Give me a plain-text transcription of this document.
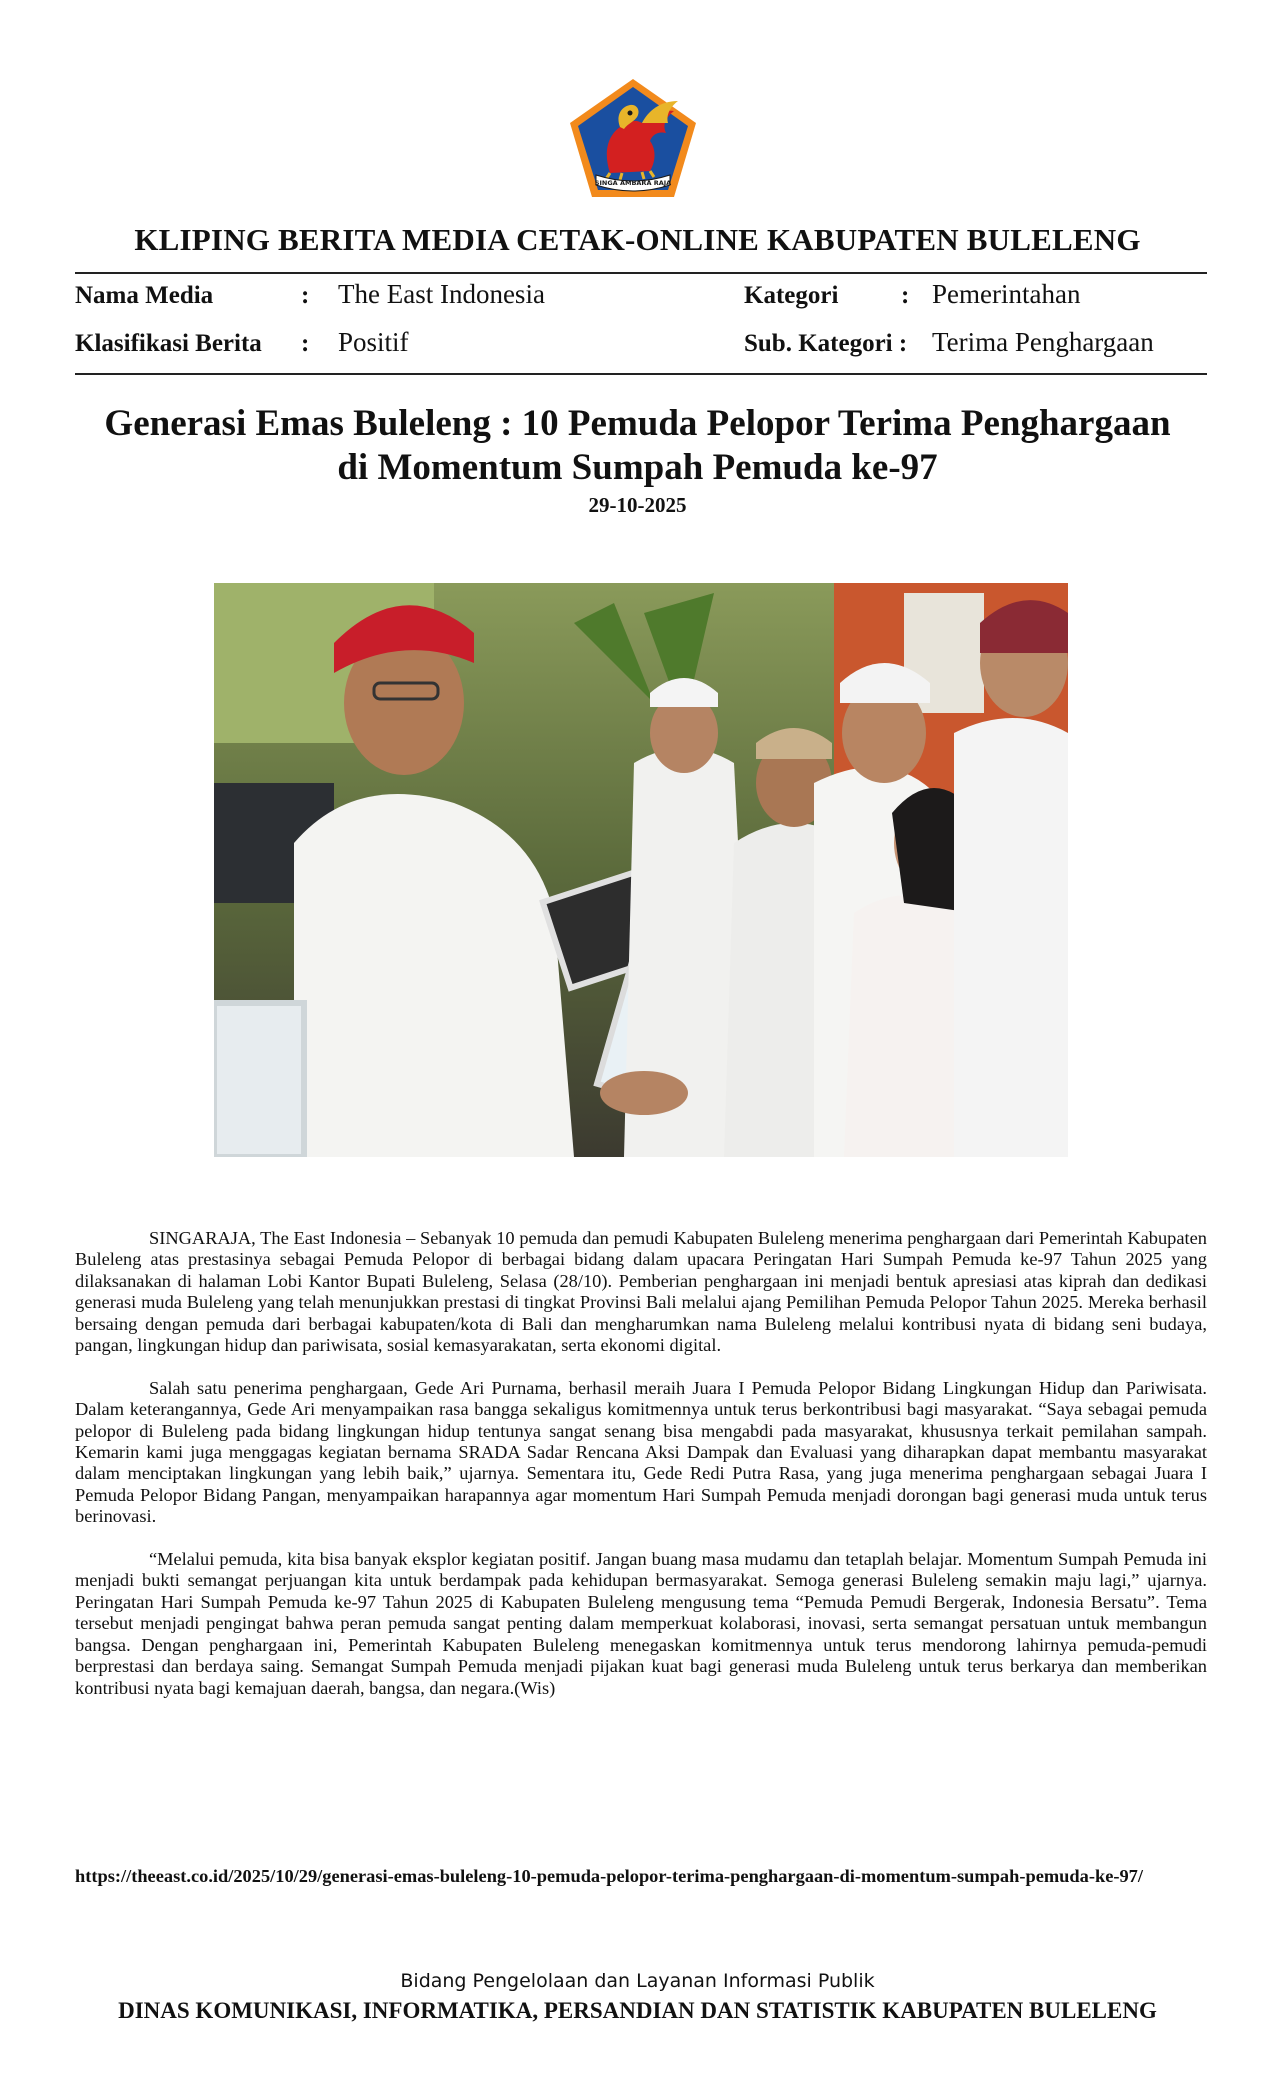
SINGA AMBARA RAJA
KLIPING BERITA MEDIA CETAK-ONLINE KABUPATEN BULELENG
Nama Media	: The East Indonesia	Kategori	: Pemerintahan
Klasifikasi Berita : Positif	Sub. Kategori : Terima Penghargaan
Generasi Emas Buleleng : 10 Pemuda Pelopor Terima Penghargaan
di Momentum Sumpah Pemuda ke-97
29-10-2025

SINGARAJA, The East Indonesia – Sebanyak 10 pemuda dan pemudi Kabupaten Buleleng menerima penghargaan dari Pemerintah Kabupaten Buleleng atas prestasinya sebagai Pemuda Pelopor di berbagai bidang dalam upacara Peringatan Hari Sumpah Pemuda ke-97 Tahun 2025 yang dilaksanakan di halaman Lobi Kantor Bupati Buleleng, Selasa (28/10). Pemberian penghargaan ini menjadi bentuk apresiasi atas kiprah dan dedikasi generasi muda Buleleng yang telah menunjukkan prestasi di tingkat Provinsi Bali melalui ajang Pemilihan Pemuda Pelopor Tahun 2025. Mereka berhasil bersaing dengan pemuda dari berbagai kabupaten/kota di Bali dan mengharumkan nama Buleleng melalui kontribusi nyata di bidang seni budaya, pangan, lingkungan hidup dan pariwisata, sosial kemasyarakatan, serta ekonomi digital.

Salah satu penerima penghargaan, Gede Ari Purnama, berhasil meraih Juara I Pemuda Pelopor Bidang Lingkungan Hidup dan Pariwisata. Dalam keterangannya, Gede Ari menyampaikan rasa bangga sekaligus komitmennya untuk terus berkontribusi bagi masyarakat. “Saya sebagai pemuda pelopor di Buleleng pada bidang lingkungan hidup tentunya sangat senang bisa mengabdi pada masyarakat, khususnya terkait pemilahan sampah. Kemarin kami juga menggagas kegiatan bernama SRADA Sadar Rencana Aksi Dampak dan Evaluasi yang diharapkan dapat membantu masyarakat dalam menciptakan lingkungan yang lebih baik,” ujarnya. Sementara itu, Gede Redi Putra Rasa, yang juga menerima penghargaan sebagai Juara I Pemuda Pelopor Bidang Pangan, menyampaikan harapannya agar momentum Hari Sumpah Pemuda menjadi dorongan bagi generasi muda untuk terus berinovasi.

“Melalui pemuda, kita bisa banyak eksplor kegiatan positif. Jangan buang masa mudamu dan tetaplah belajar. Momentum Sumpah Pemuda ini menjadi bukti semangat perjuangan kita untuk berdampak pada kehidupan bermasyarakat. Semoga generasi Buleleng semakin maju lagi,” ujarnya. Peringatan Hari Sumpah Pemuda ke-97 Tahun 2025 di Kabupaten Buleleng mengusung tema “Pemuda Pemudi Bergerak, Indonesia Bersatu”. Tema tersebut menjadi pengingat bahwa peran pemuda sangat penting dalam memperkuat kolaborasi, inovasi, serta semangat persatuan untuk membangun bangsa. Dengan penghargaan ini, Pemerintah Kabupaten Buleleng menegaskan komitmennya untuk terus mendorong lahirnya pemuda-pemudi berprestasi dan berdaya saing. Semangat Sumpah Pemuda menjadi pijakan kuat bagi generasi muda Buleleng untuk terus berkarya dan memberikan kontribusi nyata bagi kemajuan daerah, bangsa, dan negara.(Wis)

https://theeast.co.id/2025/10/29/generasi-emas-buleleng-10-pemuda-pelopor-terima-penghargaan-di-momentum-sumpah-pemuda-ke-97/
Bidang Pengelolaan dan Layanan Informasi Publik
DINAS KOMUNIKASI, INFORMATIKA, PERSANDIAN DAN STATISTIK KABUPATEN BULELENG
